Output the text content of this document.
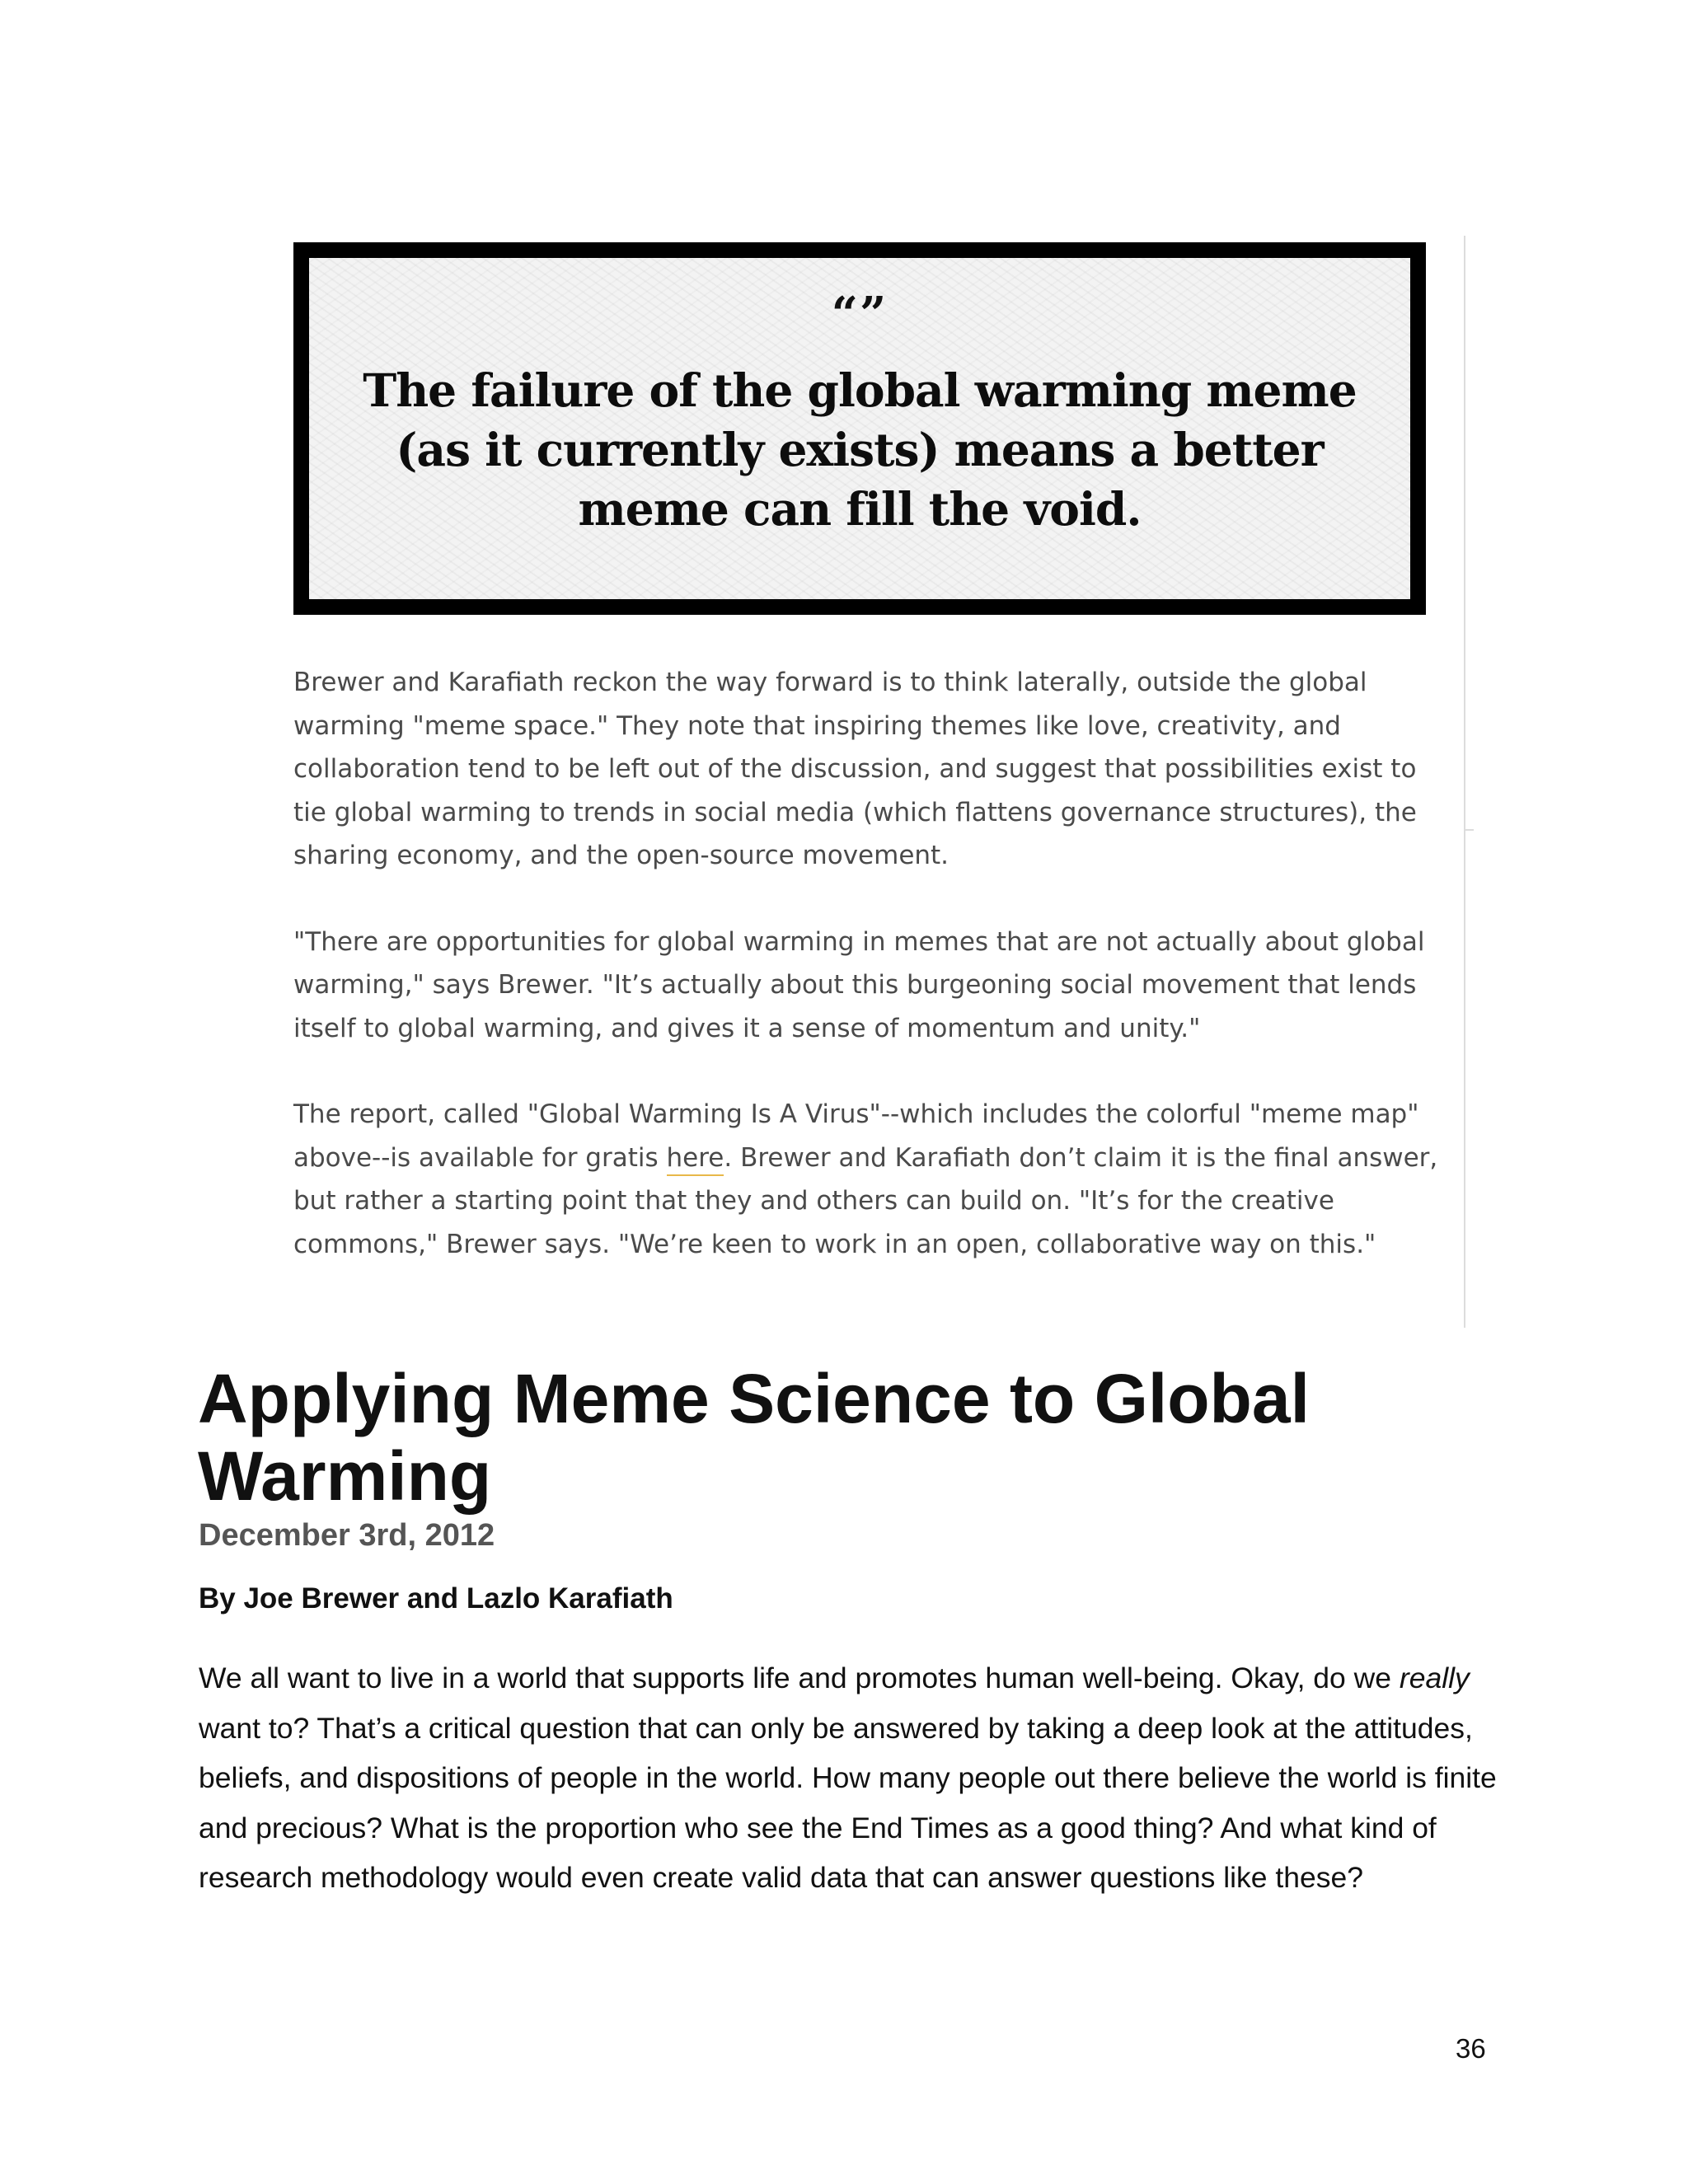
“”
The failure of the global warming meme (as it currently exists) means a better meme can fill the void.

Brewer and Karafiath reckon the way forward is to think laterally, outside the global warming "meme space." They note that inspiring themes like love, creativity, and collaboration tend to be left out of the discussion, and suggest that possibilities exist to tie global warming to trends in social media (which flattens governance structures), the sharing economy, and the open-source movement.

"There are opportunities for global warming in memes that are not actually about global warming," says Brewer. "It’s actually about this burgeoning social movement that lends itself to global warming, and gives it a sense of momentum and unity."

The report, called "Global Warming Is A Virus"--which includes the colorful "meme map" above--is available for gratis here. Brewer and Karafiath don’t claim it is the final answer, but rather a starting point that they and others can build on. "It’s for the creative commons," Brewer says. "We’re keen to work in an open, collaborative way on this."

Applying Meme Science to Global Warming
December 3rd, 2012
By Joe Brewer and Lazlo Karafiath

We all want to live in a world that supports life and promotes human well-being. Okay, do we really want to? That’s a critical question that can only be answered by taking a deep look at the attitudes, beliefs, and dispositions of people in the world. How many people out there believe the world is finite and precious? What is the proportion who see the End Times as a good thing? And what kind of research methodology would even create valid data that can answer questions like these?

36
